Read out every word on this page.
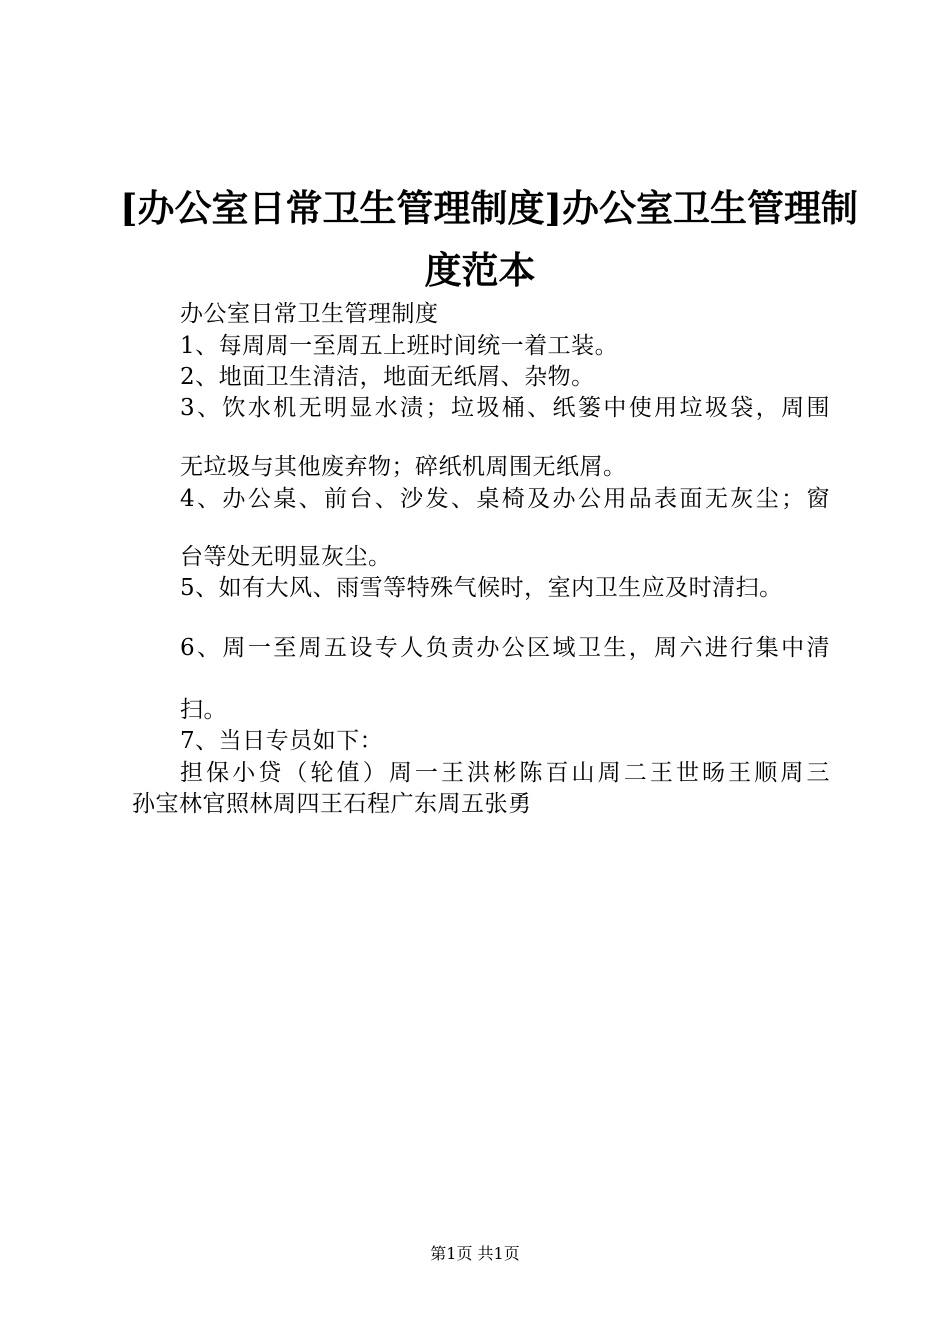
[办公室日常卫生管理制度]办公室卫生管理制
度范本
办公室日常卫生管理制度
1、每周周一至周五上班时间统一着工装。
2、地面卫生清洁，地面无纸屑、杂物。
3、饮水机无明显水渍；垃圾桶、纸篓中使用垃圾袋，周围
无垃圾与其他废弃物；碎纸机周围无纸屑。
4、办公桌、前台、沙发、桌椅及办公用品表面无灰尘；窗
台等处无明显灰尘。
5、如有大风、雨雪等特殊气候时，室内卫生应及时清扫。
6、周一至周五设专人负责办公区域卫生，周六进行集中清
扫。
7、当日专员如下：
担保小贷（轮值）周一王洪彬陈百山周二王世旸王顺周三
孙宝林官照林周四王石程广东周五张勇
第1页 共1页
